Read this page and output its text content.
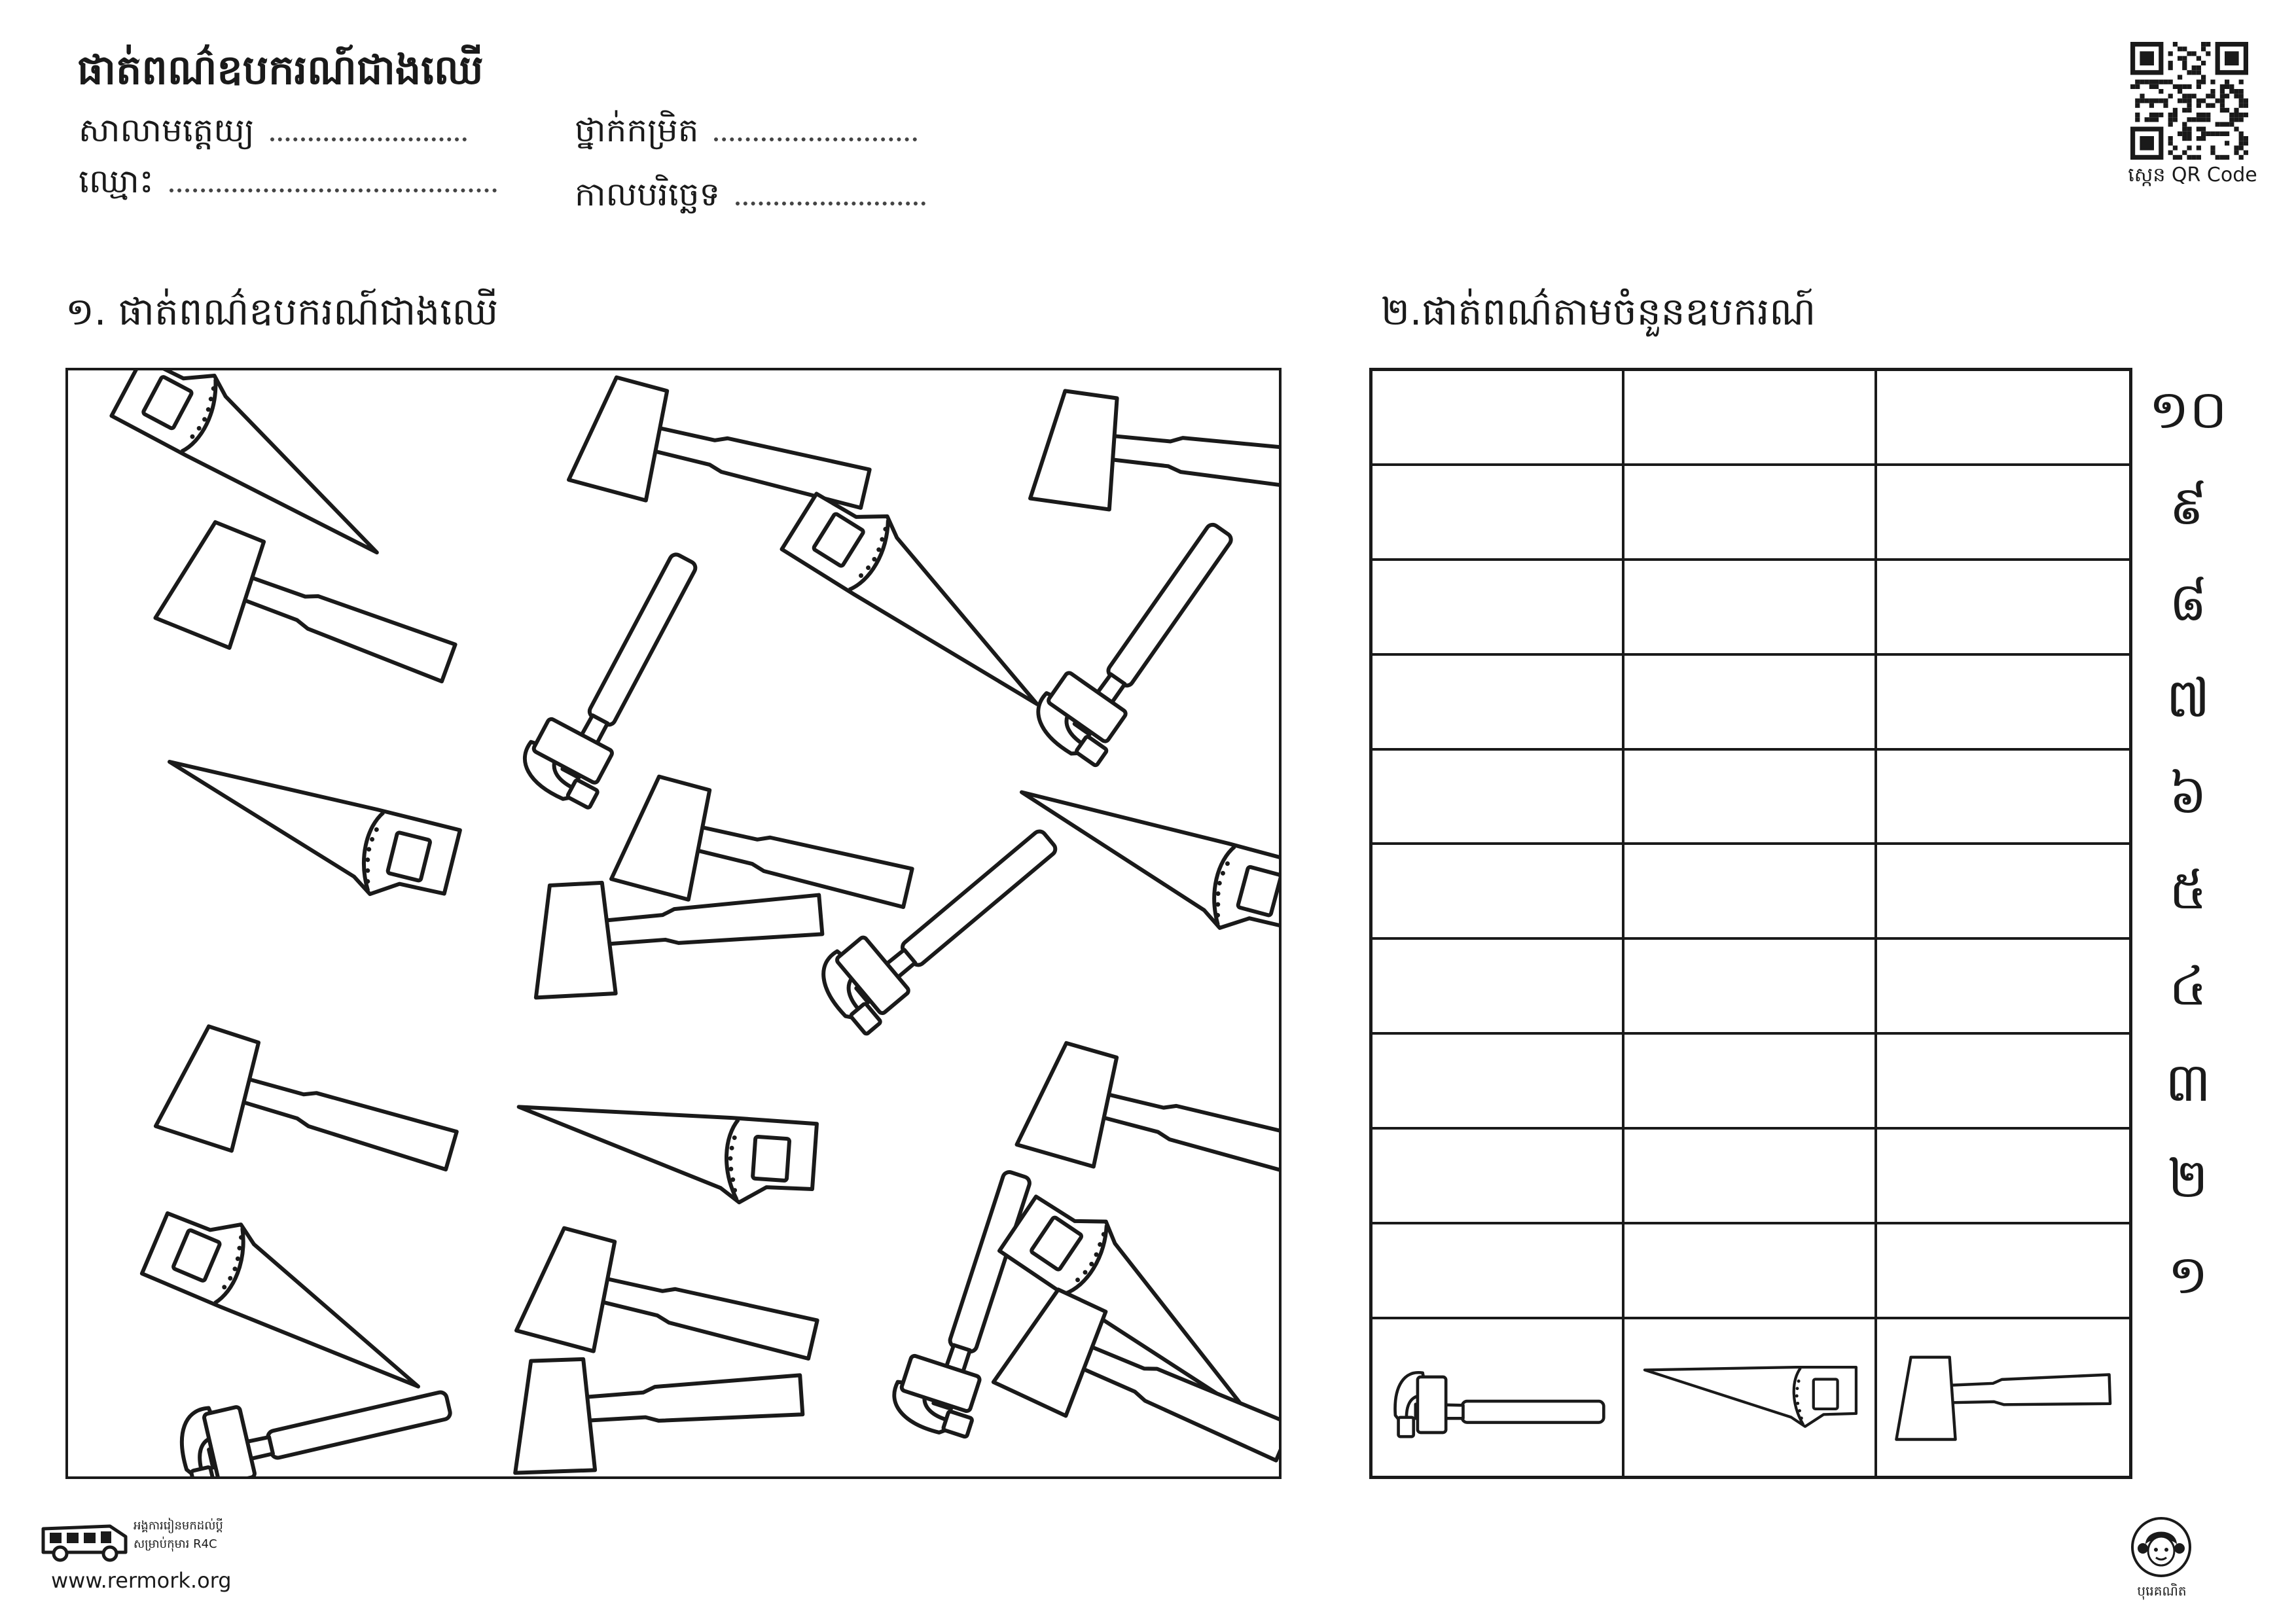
ផាត់ពណ៌ឧបករណ៍ជាងឈើ
សាលាមត្តេយ្យ	ថ្នាក់កម្រិត
ឈ្មោះ	កាលបរិច្ឆេទ
ស្កេន QR Code
១. ផាត់ពណ៌ឧបករណ៍ជាងឈើ	២.ផាត់ពណ៌តាមចំនួនឧបករណ៍
១០
៩
៨
៧
៦
៥
៤
៣
២
១
អង្គការរៀនមកដល់ប្តី
សម្រាប់កុមារ R4C
www.rermork.org	បុរេគណិត
